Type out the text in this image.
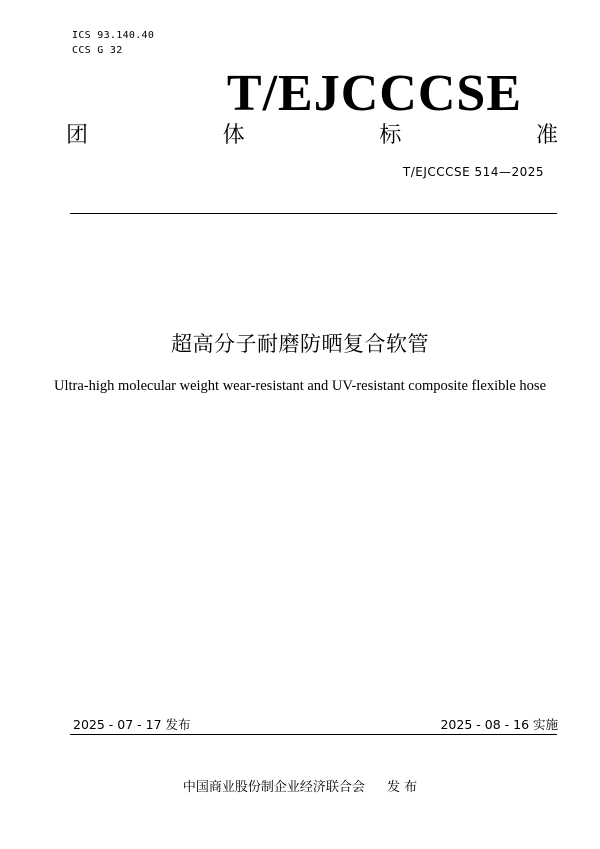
ICS 93.140.40
CCS G 32
T/EJCCCSE
团	体	标	准
T/EJCCCSE 514—2025
超高分子耐磨防晒复合软管
Ultra-high molecular weight wear-resistant and UV-resistant composite flexible hose
2025 - 07 - 17 发布	2025 - 08 - 16 实施
中国商业股份制企业经济联合会 发 布
